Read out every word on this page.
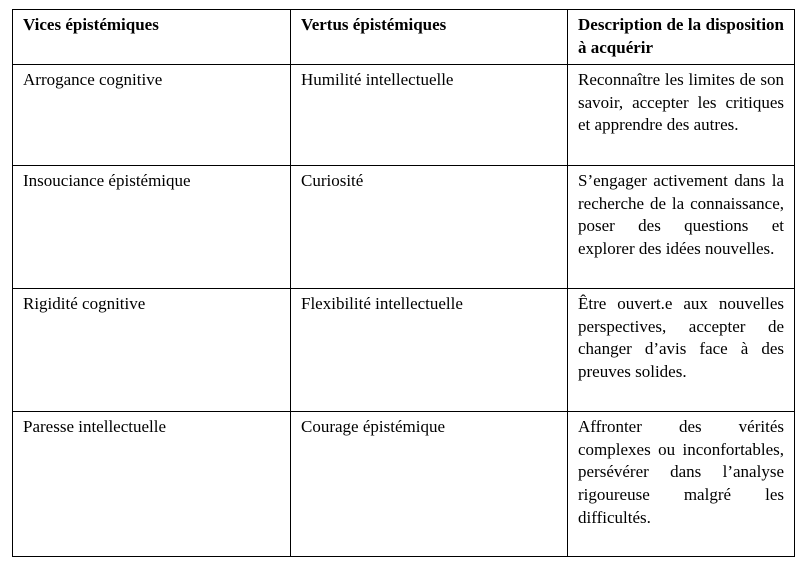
Vices épistémiques	Vertus épistémiques	Description de la disposition à acquérir

Arrogance cognitive	Humilité intellectuelle	Reconnaître les limites de son savoir, accepter les critiques et apprendre des autres.

Insouciance épistémique	Curiosité	S’engager activement dans la recherche de la connaissance, poser des questions et explorer des idées nouvelles.

Rigidité cognitive	Flexibilité intellectuelle	Être ouvert.e aux nouvelles perspectives, accepter de changer d’avis face à des preuves solides.

Paresse intellectuelle	Courage épistémique	Affronter des vérités complexes ou inconfortables, persévérer dans l’analyse rigoureuse malgré les difficultés.
